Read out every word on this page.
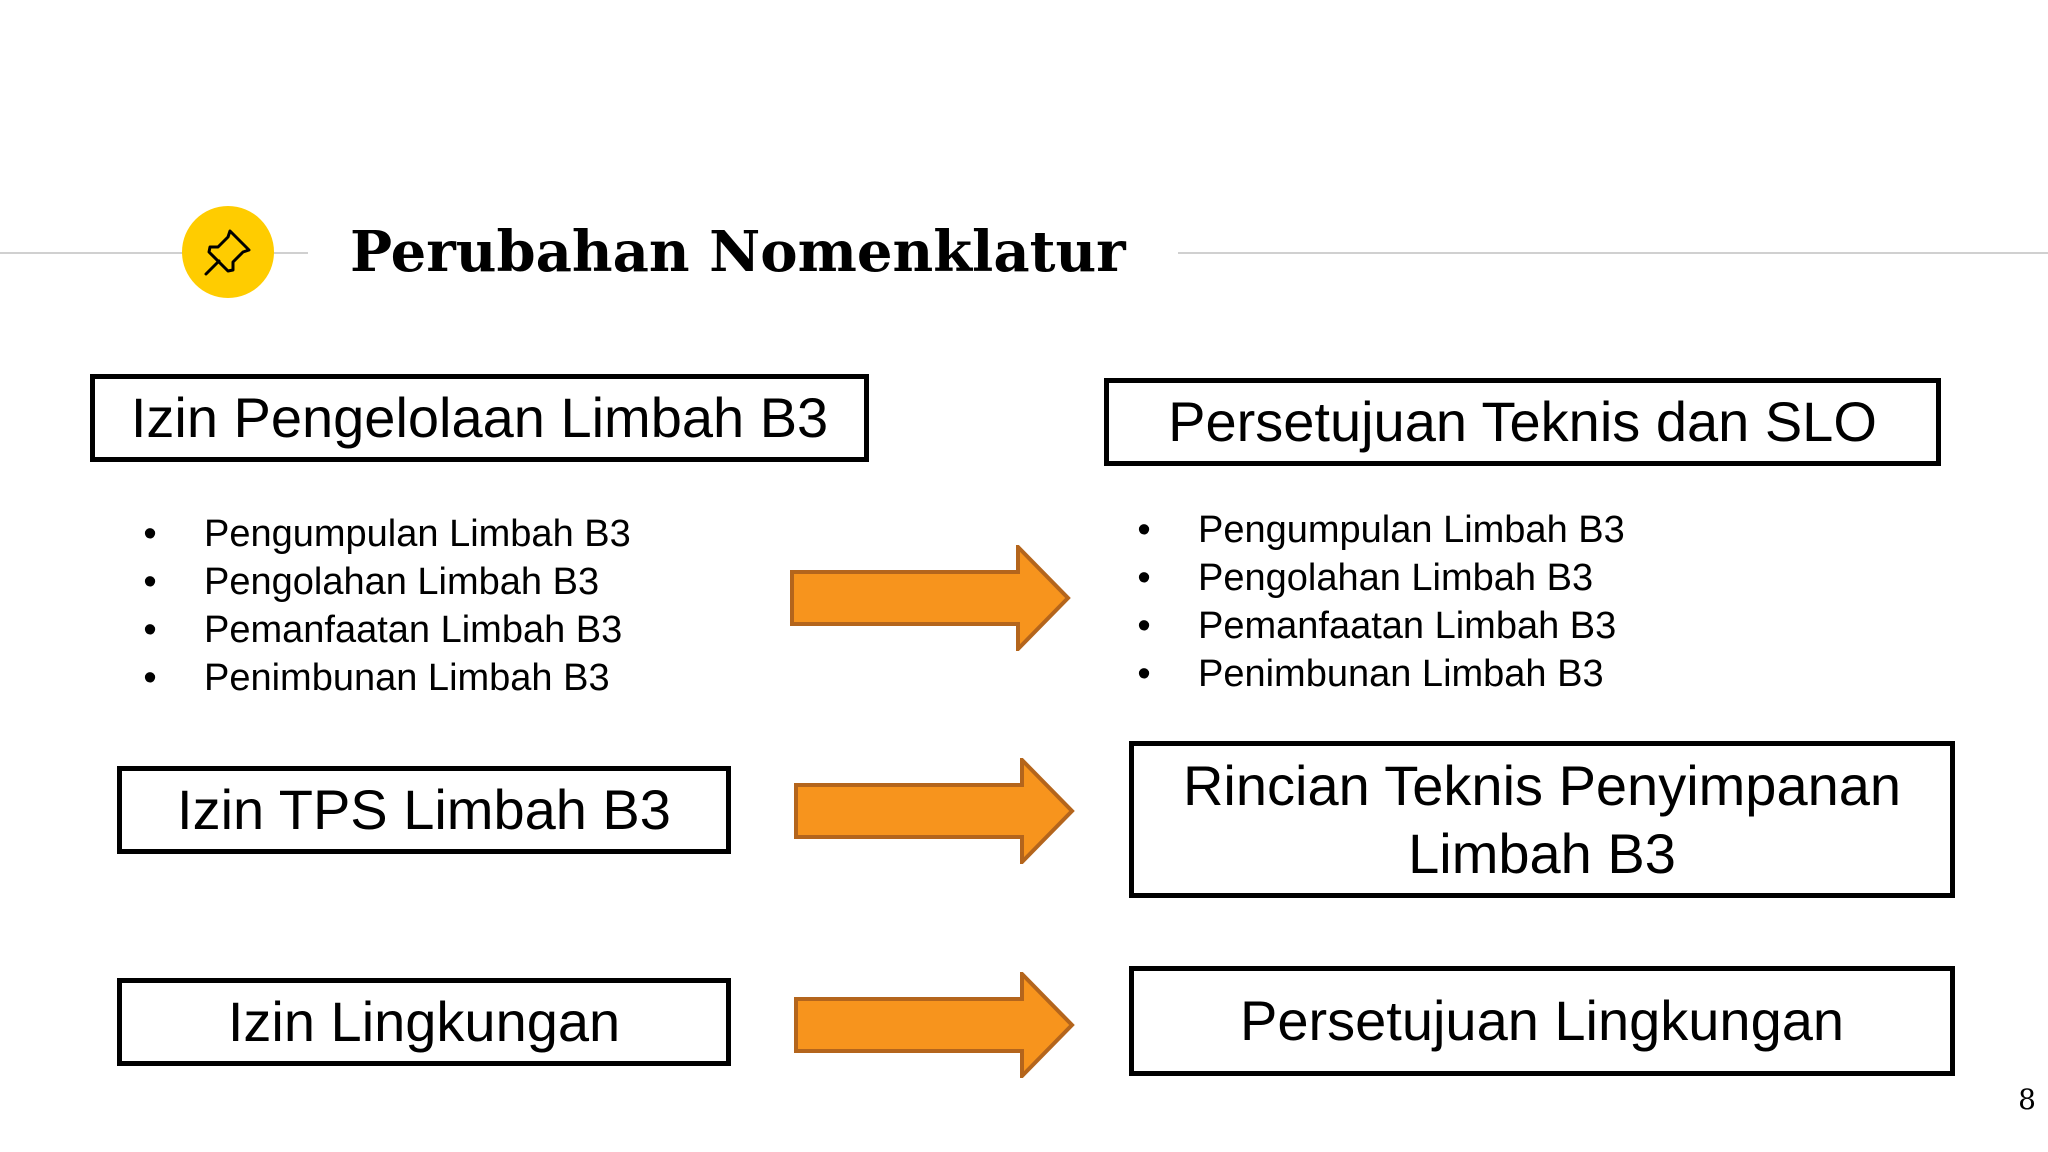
Perubahan Nomenklatur
Izin Pengelolaan Limbah B3
• Pengumpulan Limbah B3
• Pengolahan Limbah B3
• Pemanfaatan Limbah B3
• Penimbunan Limbah B3
Persetujuan Teknis dan SLO
• Pengumpulan Limbah B3
• Pengolahan Limbah B3
• Pemanfaatan Limbah B3
• Penimbunan Limbah B3
Izin TPS Limbah B3	Rincian Teknis Penyimpanan Limbah B3
Izin Lingkungan	Persetujuan Lingkungan
8
